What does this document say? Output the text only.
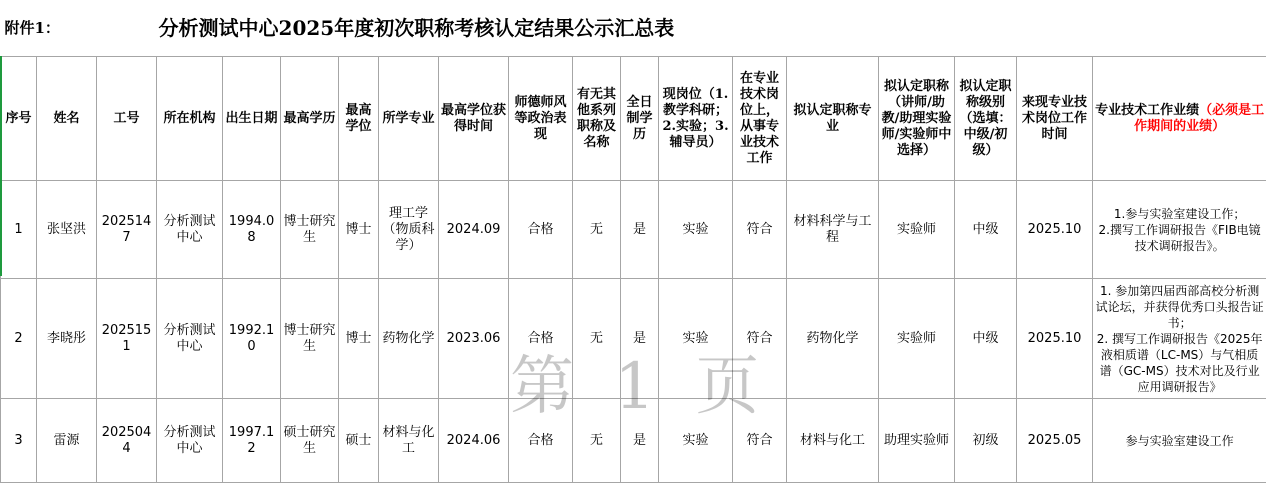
附件1：			分析测试中心2025年度初次职称考核认定结果公示汇总表															
序号	姓名	工号	所在机构	出生日期	最高学历	最高学位	所学专业	最高学位获得时间	师德师风等政治表现	有无其他系列职称及名称	全日制学历	现岗位（1.教学科研；2.实验；3.辅导员）	在专业技术岗位上，从事专业技术工作	拟认定职称专业	拟认定职称（讲师/助教/助理实验师/实验师中选择）	拟认定职称级别（选填：中级/初级）	来现专业技术岗位工作时间	专业技术工作业绩（必须是工作期间的业绩）
1	张坚洪	2025147	分析测试中心	1994.08	博士研究生	博士	理工学（物质科学）	2024.09	合格	无	是	实验	符合	材料科学与工程	实验师	中级	2025.10	1.参与实验室建设工作；
2.撰写工作调研报告《FIB电镜技术调研报告》。

2	李晓彤	2025151	分析测试中心	1992.10	博士研究生	博士	药物化学	2023.06	合格	无	是	实验	符合	药物化学	实验师	中级	2025.10	1. 参加第四届西部高校分析测试论坛，并获得优秀口头报告证书；
2. 撰写工作调研报告《2025年液相质谱（LC-MS）与气相质谱（GC-MS）技术对比及行业应用调研报告》

3	雷源	2025044	分析测试中心	1997.12	硕士研究生	硕士	材料与化工	2024.06	合格	无	是	实验	符合	材料与化工	助理实验师	初级	2025.05	参与实验室建设工作
第 1 页
